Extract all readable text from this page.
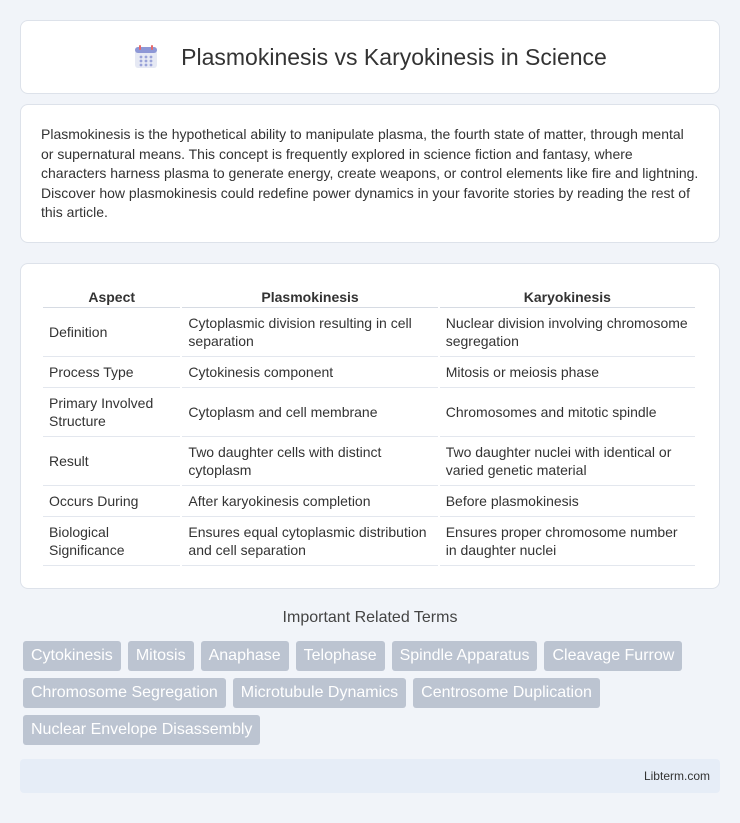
Plasmokinesis vs Karyokinesis in Science

Plasmokinesis is the hypothetical ability to manipulate plasma, the fourth state of matter, through mental or supernatural means. This concept is frequently explored in science fiction and fantasy, where characters harness plasma to generate energy, create weapons, or control elements like fire and lightning. Discover how plasmokinesis could redefine power dynamics in your favorite stories by reading the rest of this article.

Aspect	Plasmokinesis	Karyokinesis
Definition	Cytoplasmic division resulting in cell separation	Nuclear division involving chromosome segregation
Process Type	Cytokinesis component	Mitosis or meiosis phase
Primary Involved Structure	Cytoplasm and cell membrane	Chromosomes and mitotic spindle
Result	Two daughter cells with distinct cytoplasm	Two daughter nuclei with identical or varied genetic material
Occurs During	After karyokinesis completion	Before plasmokinesis
Biological Significance	Ensures equal cytoplasmic distribution and cell separation	Ensures proper chromosome number in daughter nuclei
Important Related Terms
Cytokinesis	Mitosis	Anaphase	Telophase	Spindle Apparatus	Cleavage Furrow
Chromosome Segregation	Microtubule Dynamics	Centrosome Duplication
Nuclear Envelope Disassembly
Libterm.com
